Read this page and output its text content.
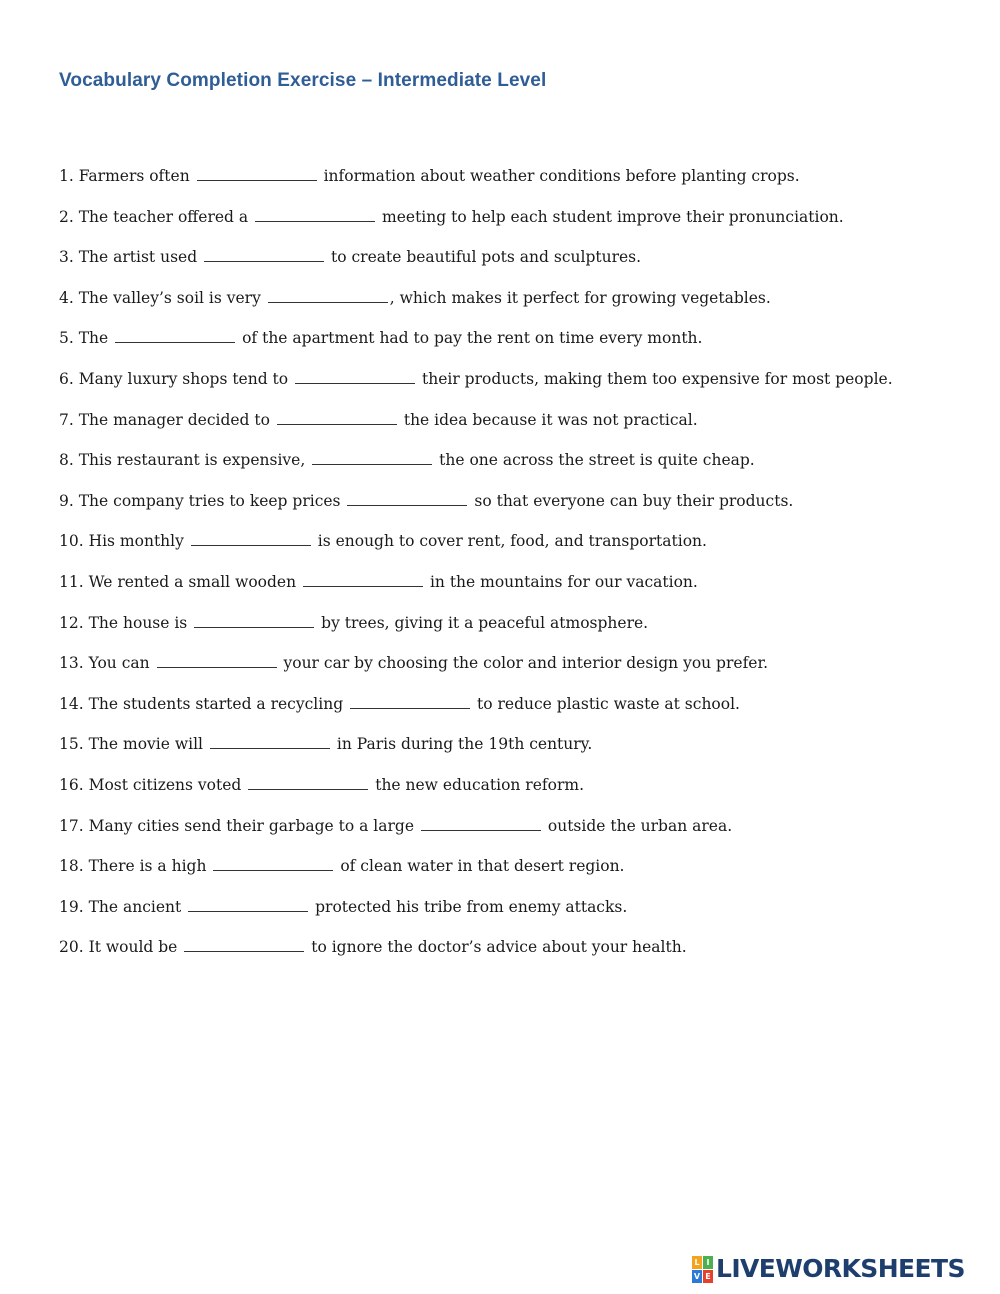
Vocabulary Completion Exercise – Intermediate Level
1. Farmers often	information about weather conditions before planting crops.
2. The teacher offered a	meeting to help each student improve their pronunciation.
3. The artist used	to create beautiful pots and sculptures.
4. The valley’s soil is very	, which makes it perfect for growing vegetables.
5. The	of the apartment had to pay the rent on time every month.
6. Many luxury shops tend to	their products, making them too expensive for most people.
7. The manager decided to	the idea because it was not practical.
8. This restaurant is expensive,	the one across the street is quite cheap.
9. The company tries to keep prices	so that everyone can buy their products.
10. His monthly	is enough to cover rent, food, and transportation.
11. We rented a small wooden	in the mountains for our vacation.
12. The house is	by trees, giving it a peaceful atmosphere.
13. You can	your car by choosing the color and interior design you prefer.
14. The students started a recycling	to reduce plastic waste at school.
15. The movie will	in Paris during the 19th century.
16. Most citizens voted	the new education reform.
17. Many cities send their garbage to a large	outside the urban area.
18. There is a high	of clean water in that desert region.
19. The ancient	protected his tribe from enemy attacks.
20. It would be	to ignore the doctor’s advice about your health.
L I
V E LIVEWORKSHEETS
